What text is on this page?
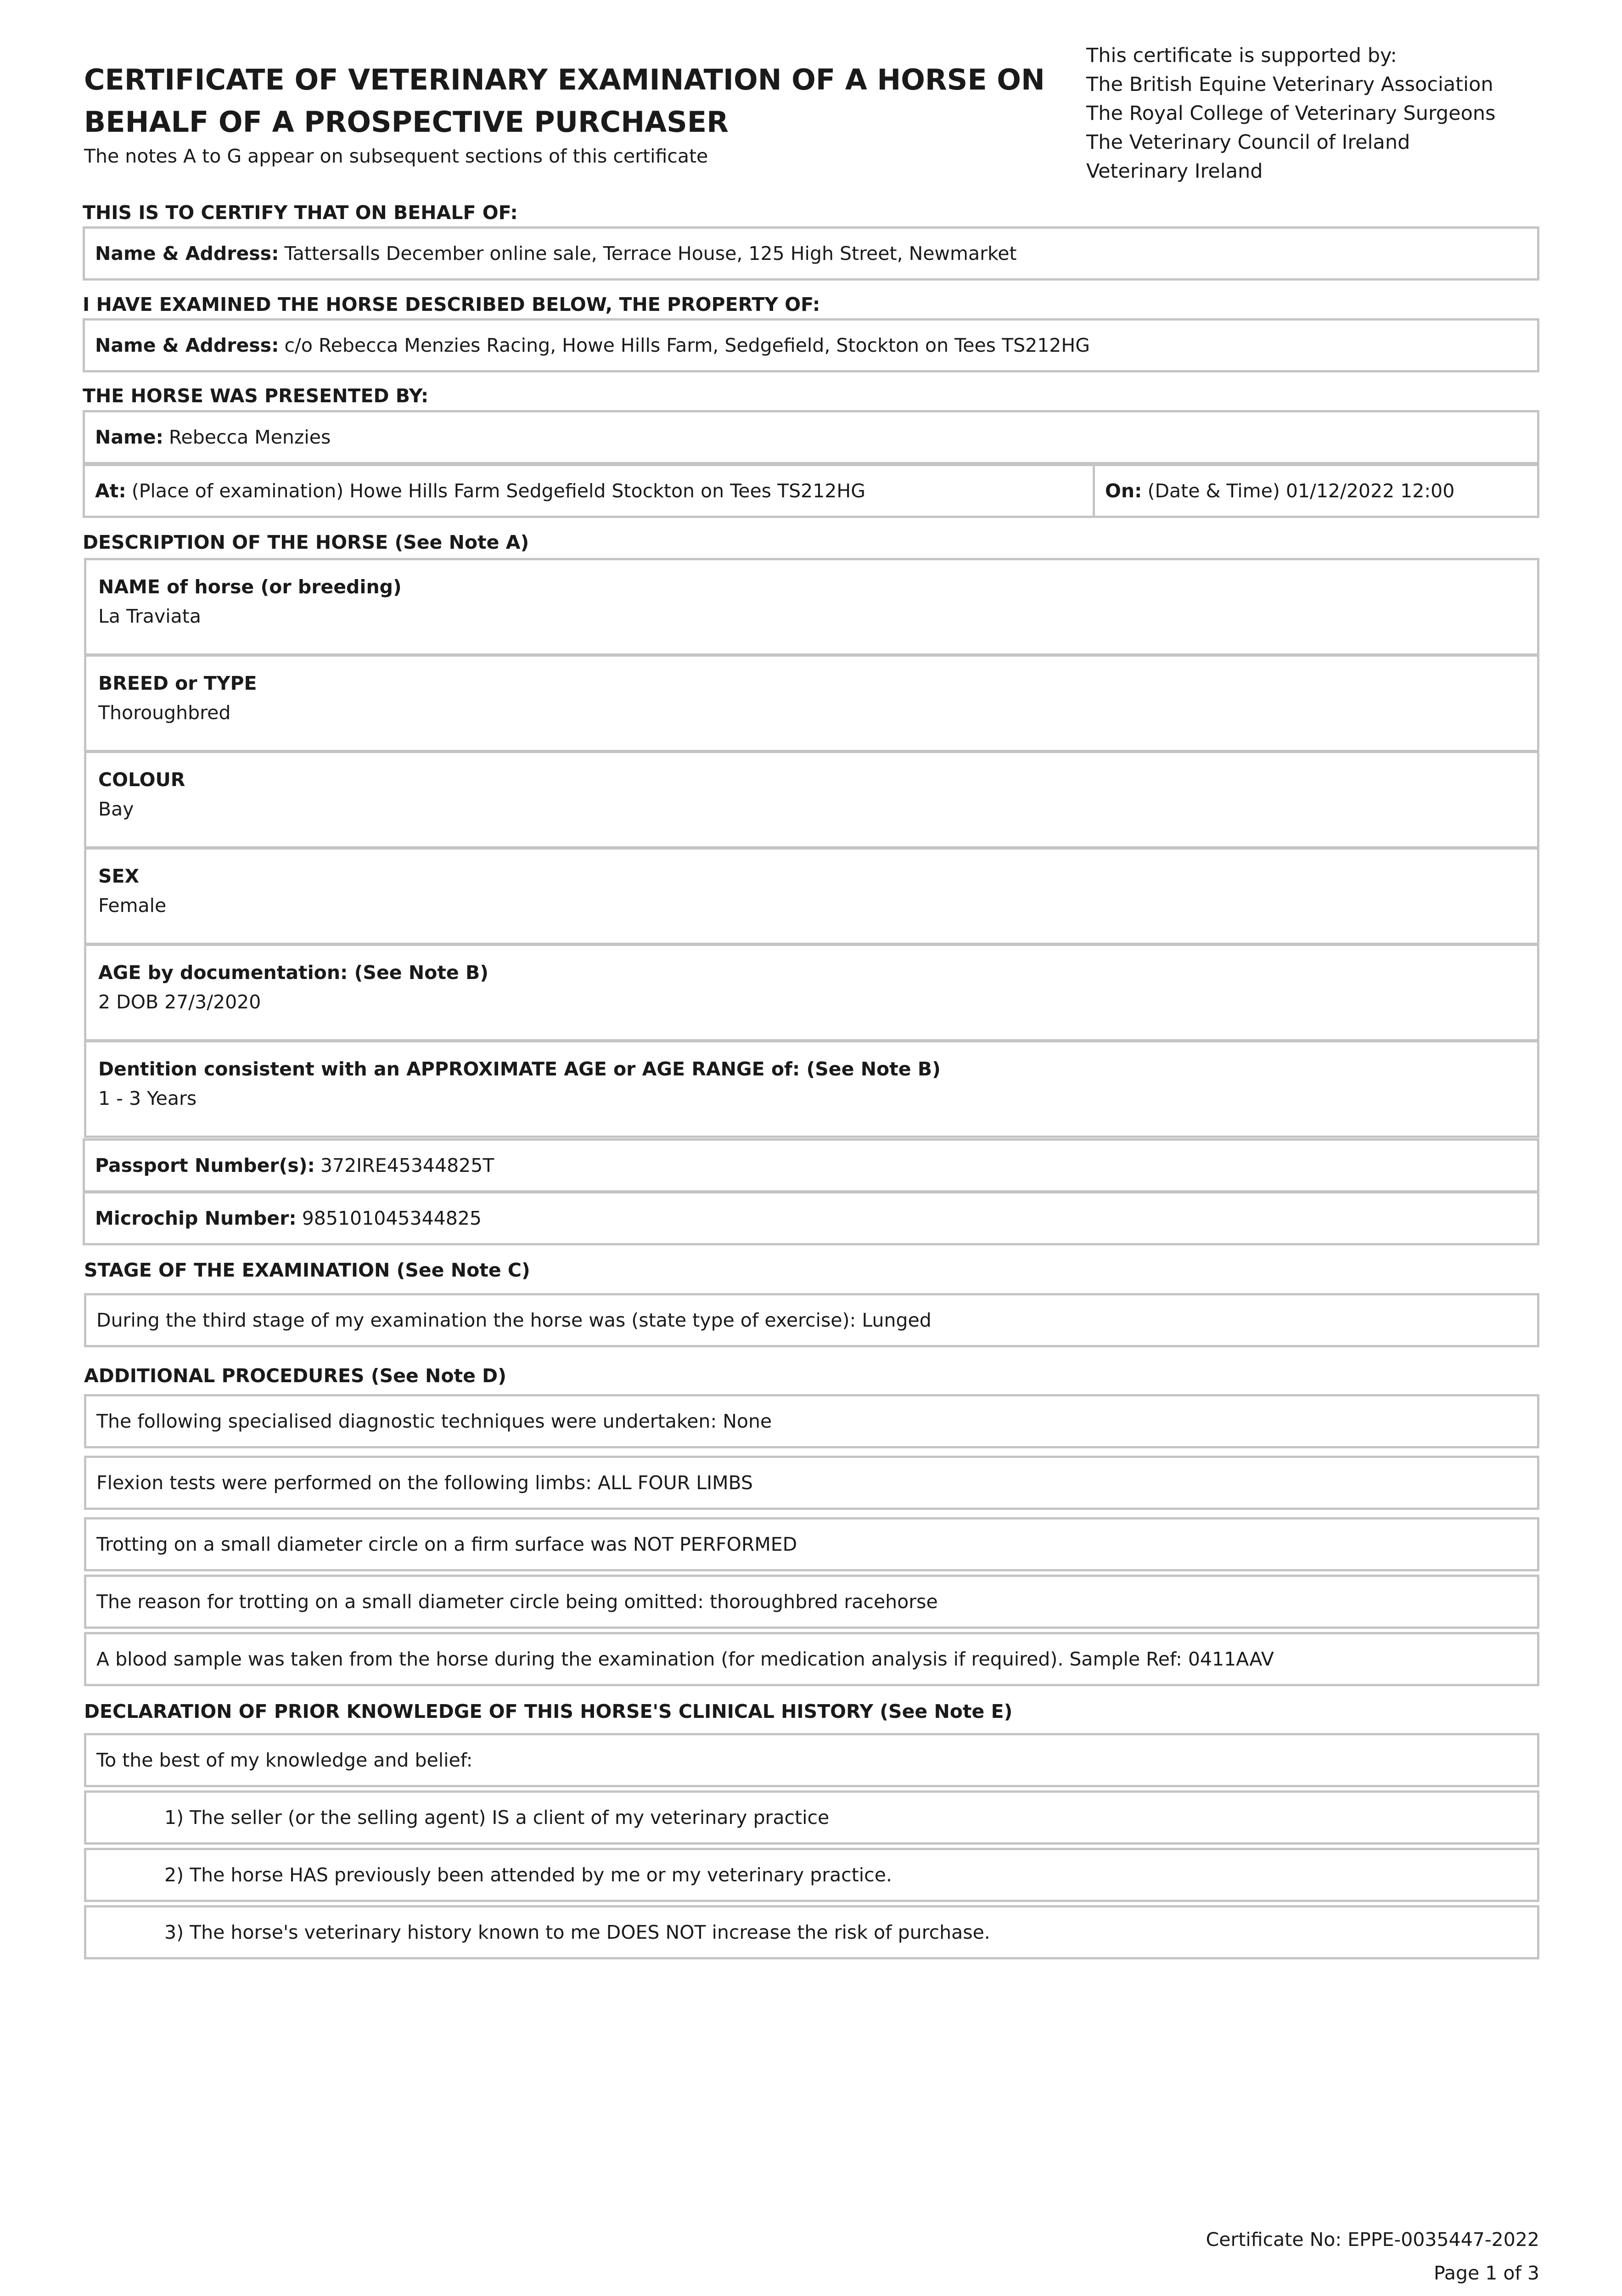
CERTIFICATE OF VETERINARY EXAMINATION OF A HORSE ON BEHALF OF A PROSPECTIVE PURCHASER
The notes A to G appear on subsequent sections of this certificate
This certificate is supported by:
The British Equine Veterinary Association
The Royal College of Veterinary Surgeons
The Veterinary Council of Ireland
Veterinary Ireland
THIS IS TO CERTIFY THAT ON BEHALF OF:
Name & Address: Tattersalls December online sale, Terrace House, 125 High Street, Newmarket
I HAVE EXAMINED THE HORSE DESCRIBED BELOW, THE PROPERTY OF:
Name & Address: c/o Rebecca Menzies Racing, Howe Hills Farm, Sedgefield, Stockton on Tees TS212HG
THE HORSE WAS PRESENTED BY:
Name: Rebecca Menzies
At: (Place of examination) Howe Hills Farm Sedgefield Stockton on Tees TS212HG	On: (Date & Time) 01/12/2022 12:00
DESCRIPTION OF THE HORSE (See Note A)
NAME of horse (or breeding)
La Traviata
BREED or TYPE
Thoroughbred
COLOUR
Bay
SEX
Female
AGE by documentation: (See Note B)
2 DOB 27/3/2020
Dentition consistent with an APPROXIMATE AGE or AGE RANGE of: (See Note B)
1 - 3 Years
Passport Number(s): 372IRE45344825T
Microchip Number: 985101045344825
STAGE OF THE EXAMINATION (See Note C)
During the third stage of my examination the horse was (state type of exercise): Lunged
ADDITIONAL PROCEDURES (See Note D)
The following specialised diagnostic techniques were undertaken: None
Flexion tests were performed on the following limbs: ALL FOUR LIMBS
Trotting on a small diameter circle on a firm surface was NOT PERFORMED
The reason for trotting on a small diameter circle being omitted: thoroughbred racehorse
A blood sample was taken from the horse during the examination (for medication analysis if required). Sample Ref: 0411AAV
DECLARATION OF PRIOR KNOWLEDGE OF THIS HORSE'S CLINICAL HISTORY (See Note E)
To the best of my knowledge and belief:
1) The seller (or the selling agent) IS a client of my veterinary practice
2) The horse HAS previously been attended by me or my veterinary practice.
3) The horse's veterinary history known to me DOES NOT increase the risk of purchase.
Certificate No: EPPE-0035447-2022
Page 1 of 3
